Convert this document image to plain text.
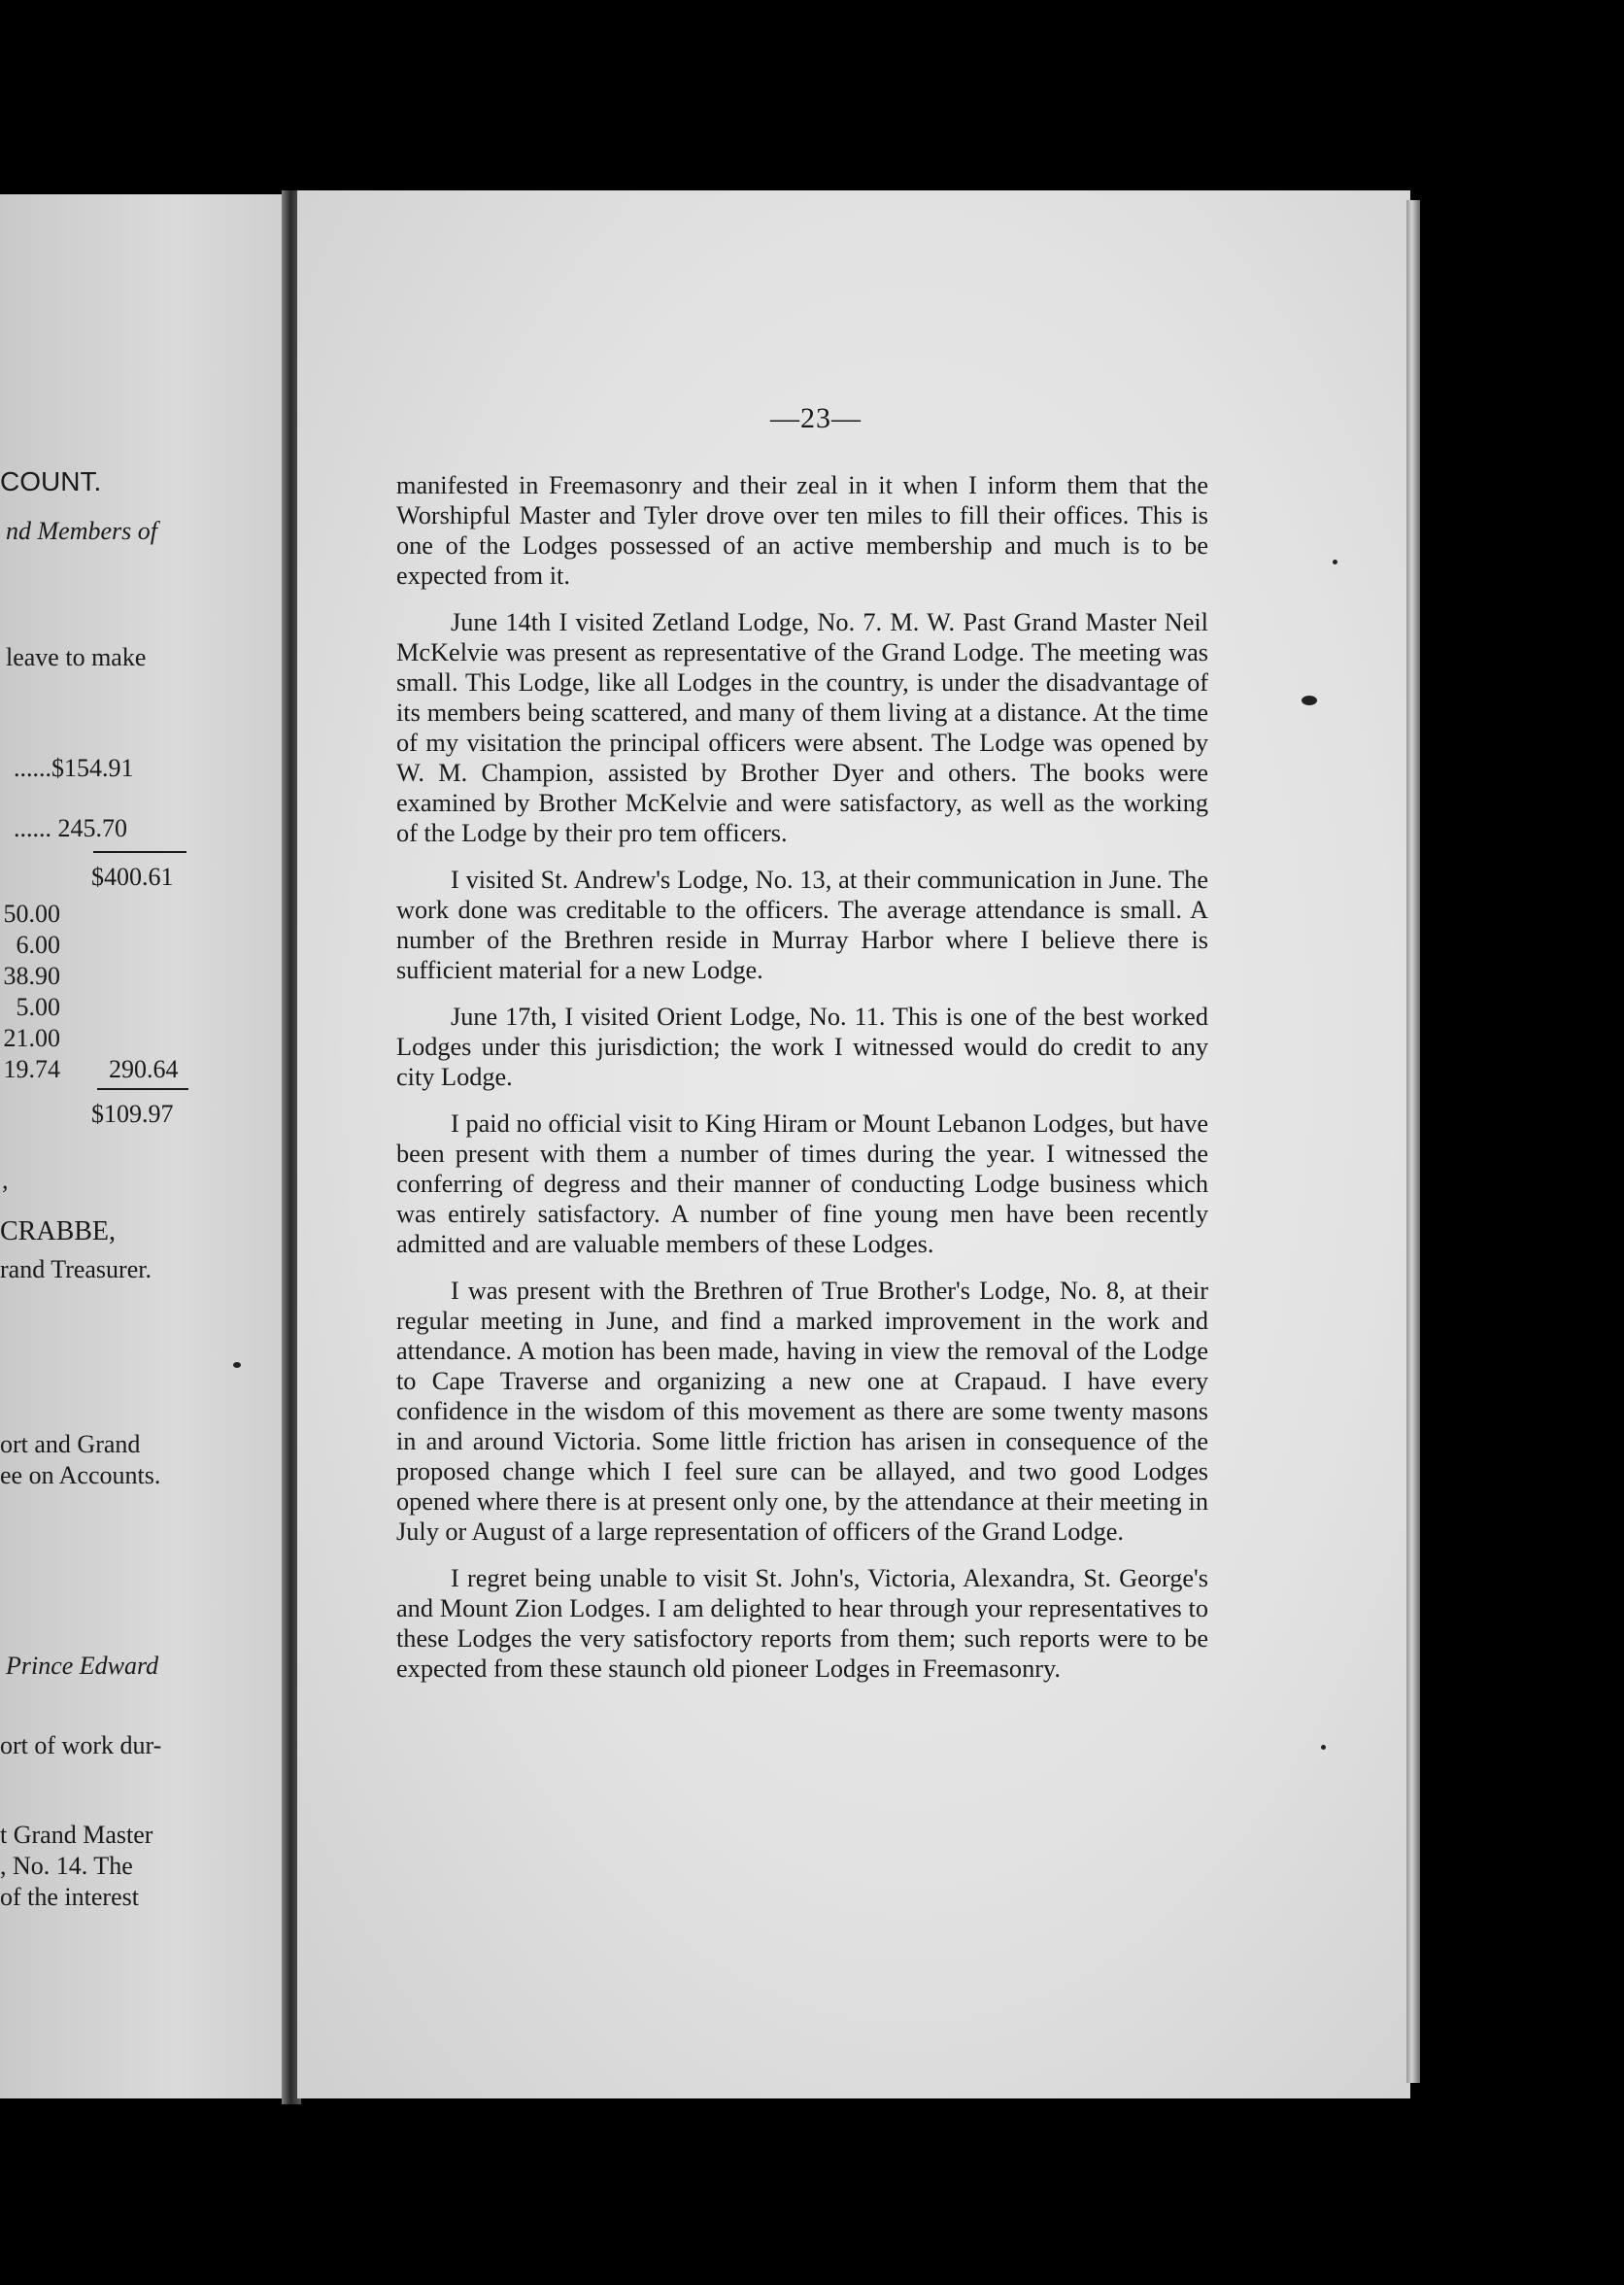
COUNT.
nd Members of
leave to make
......$154.91
...... 245.70
$400.61
50.00
6.00
38.90
5.00
21.00
19.74 290.64
$109.97
,
CRABBE,
rand Treasurer.
ort and Grand
ee on Accounts.
Prince Edward
ort of work dur-
t Grand Master
, No. 14. The
of the interest
—23—

manifested in Freemasonry and their zeal in it when I inform them that the Worshipful Master and Tyler drove over ten miles to fill their offices. This is one of the Lodges possessed of an active membership and much is to be expected from it.

June 14th I visited Zetland Lodge, No. 7. M. W. Past Grand Master Neil McKelvie was present as representative of the Grand Lodge. The meeting was small. This Lodge, like all Lodges in the country, is under the disadvantage of its members being scattered, and many of them living at a distance. At the time of my visitation the principal officers were absent. The Lodge was opened by W. M. Champion, assisted by Brother Dyer and others. The books were examined by Brother McKelvie and were satisfactory, as well as the working of the Lodge by their pro tem officers.

I visited St. Andrew's Lodge, No. 13, at their communication in June. The work done was creditable to the officers. The average attendance is small. A number of the Brethren reside in Murray Harbor where I believe there is sufficient material for a new Lodge.

June 17th, I visited Orient Lodge, No. 11. This is one of the best worked Lodges under this jurisdiction; the work I witnessed would do credit to any city Lodge.

I paid no official visit to King Hiram or Mount Lebanon Lodges, but have been present with them a number of times during the year. I witnessed the conferring of degress and their manner of conducting Lodge business which was entirely satisfactory. A number of fine young men have been recently admitted and are valuable members of these Lodges.

I was present with the Brethren of True Brother's Lodge, No. 8, at their regular meeting in June, and find a marked improvement in the work and attendance. A motion has been made, having in view the removal of the Lodge to Cape Traverse and organizing a new one at Crapaud. I have every confidence in the wisdom of this movement as there are some twenty masons in and around Victoria. Some little friction has arisen in consequence of the proposed change which I feel sure can be allayed, and two good Lodges opened where there is at present only one, by the attendance at their meeting in July or August of a large representation of officers of the Grand Lodge.

I regret being unable to visit St. John's, Victoria, Alexandra, St. George's and Mount Zion Lodges. I am delighted to hear through your representatives to these Lodges the very satisfoctory reports from them; such reports were to be expected from these staunch old pioneer Lodges in Freemasonry.
